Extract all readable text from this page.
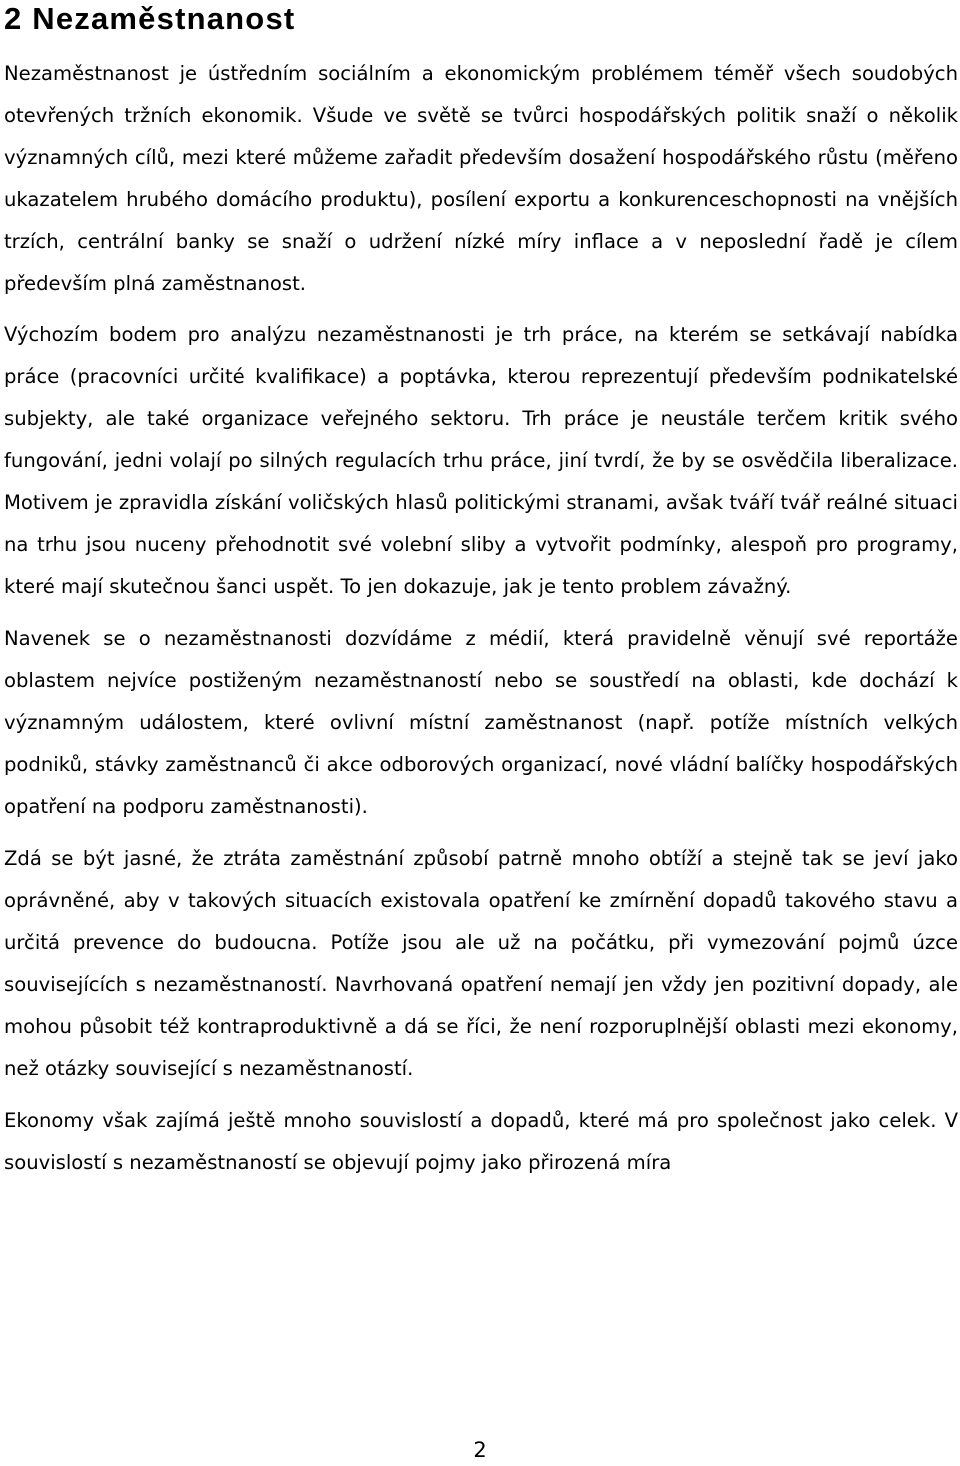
2 Nezaměstnanost

Nezaměstnanost je ústředním sociálním a ekonomickým problémem téměř všech soudobých otevřených tržních ekonomik. Všude ve světě se tvůrci hospodářských politik snaží o několik významných cílů, mezi které můžeme zařadit především dosažení hospodářského růstu (měřeno ukazatelem hrubého domácího produktu), posílení exportu a konkurenceschopnosti na vnějších trzích, centrální banky se snaží o udržení nízké míry inflace a v neposlední řadě je cílem především plná zaměstnanost.

Výchozím bodem pro analýzu nezaměstnanosti je trh práce, na kterém se setkávají nabídka práce (pracovníci určité kvalifikace) a poptávka, kterou reprezentují především podnikatelské subjekty, ale také organizace veřejného sektoru. Trh práce je neustále terčem kritik svého fungování, jedni volají po silných regulacích trhu práce, jiní tvrdí, že by se osvědčila liberalizace. Motivem je zpravidla získání voličských hlasů politickými stranami, avšak tváří tvář reálné situaci na trhu jsou nuceny přehodnotit své volební sliby a vytvořit podmínky, alespoň pro programy, které mají skutečnou šanci uspět. To jen dokazuje, jak je tento problem závažný.

Navenek se o nezaměstnanosti dozvídáme z médií, která pravidelně věnují své reportáže oblastem nejvíce postiženým nezaměstnaností nebo se soustředí na oblasti, kde dochází k významným událostem, které ovlivní místní zaměstnanost (např. potíže místních velkých podniků, stávky zaměstnanců či akce odborových organizací, nové vládní balíčky hospodářských opatření na podporu zaměstnanosti).

Zdá se být jasné, že ztráta zaměstnání způsobí patrně mnoho obtíží a stejně tak se jeví jako oprávněné, aby v takových situacích existovala opatření ke zmírnění dopadů takového stavu a určitá prevence do budoucna. Potíže jsou ale už na počátku, při vymezování pojmů úzce souvisejících s nezaměstnaností. Navrhovaná opatření nemají jen vždy jen pozitivní dopady, ale mohou působit též kontraproduktivně a dá se říci, že není rozporuplnější oblasti mezi ekonomy, než otázky související s nezaměstnaností.

Ekonomy však zajímá ještě mnoho souvislostí a dopadů, které má pro společnost jako celek. V souvislostí s nezaměstnaností se objevují pojmy jako přirozená míra

2
